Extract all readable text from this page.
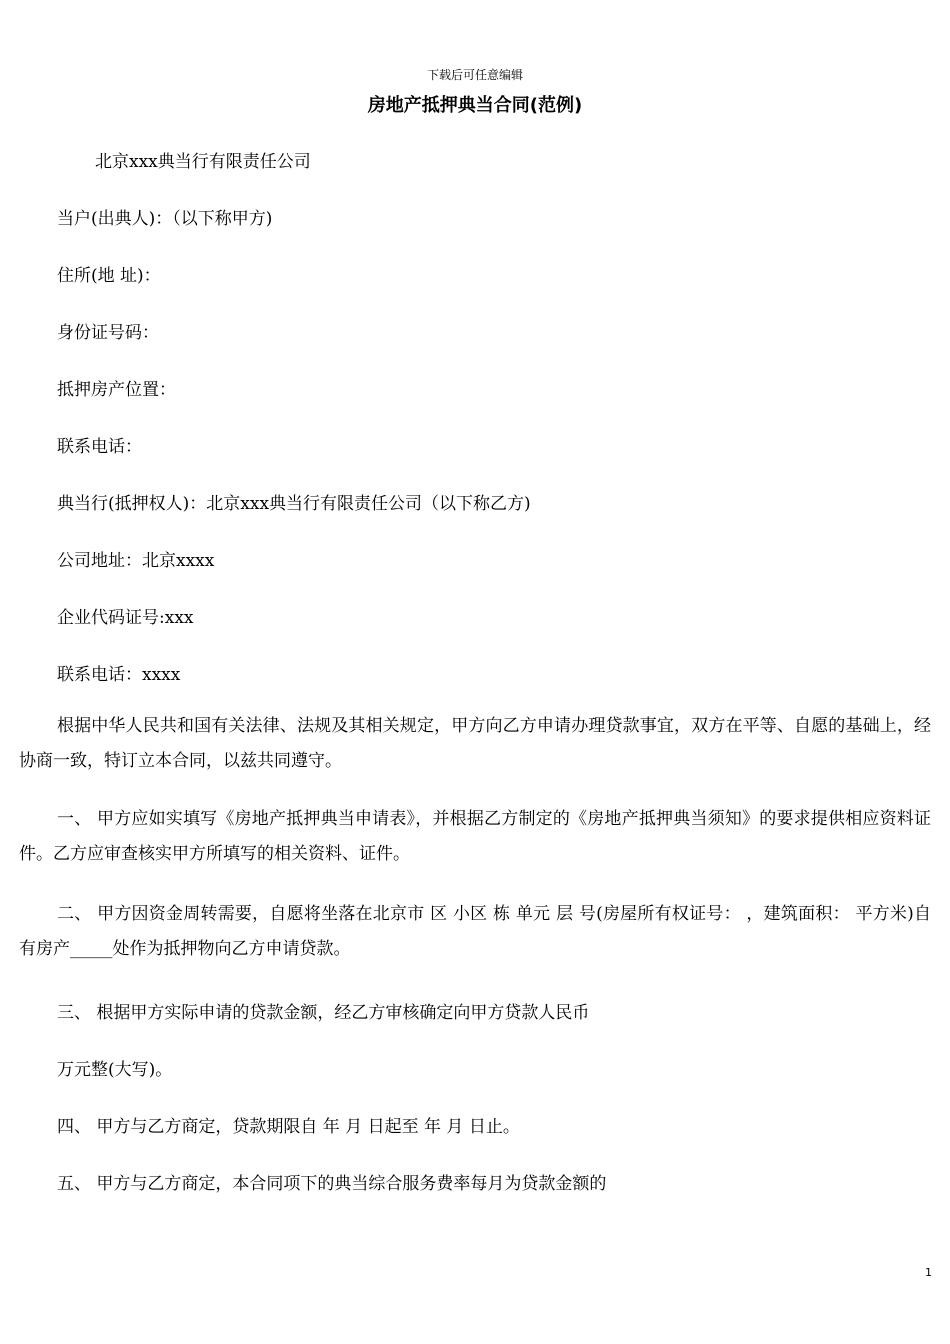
下载后可任意编辑
房地产抵押典当合同(范例)
北京xxx典当行有限责任公司
当户(出典人)：（以下称甲方)
住所(地 址)：
身份证号码：
抵押房产位置：
联系电话：
典当行(抵押权人)：北京xxx典当行有限责任公司（以下称乙方)
公司地址：北京xxxx
企业代码证号:xxx
联系电话：xxxx
根据中华人民共和国有关法律、法规及其相关规定，甲方向乙方申请办理贷款事宜，双方在平等、自愿的基础上，经协商一致，特订立本合同，以兹共同遵守。
一、 甲方应如实填写《房地产抵押典当申请表》，并根据乙方制定的《房地产抵押典当须知》的要求提供相应资料证件。乙方应审查核实甲方所填写的相关资料、证件。
二、 甲方因资金周转需要，自愿将坐落在北京市 区 小区 栋 单元 层 号(房屋所有权证号： ，建筑面积： 平方米)自有房产_____处作为抵押物向乙方申请贷款。
三、 根据甲方实际申请的贷款金额，经乙方审核确定向甲方贷款人民币
万元整(大写)。
四、 甲方与乙方商定，贷款期限自 年 月 日起至 年 月 日止。
五、 甲方与乙方商定，本合同项下的典当综合服务费率每月为贷款金额的
1
